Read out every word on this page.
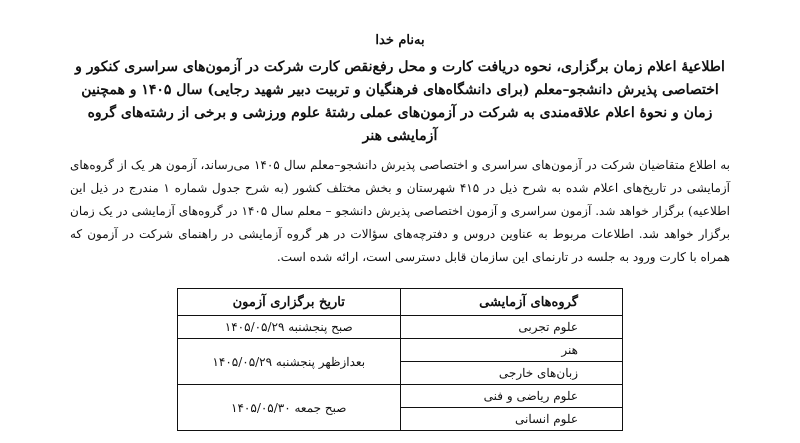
به‌نام خدا
اطلاعیهٔ اعلام زمان برگزاری، نحوه دریافت کارت و محل رفع‌نقص کارت شرکت در آزمون‌های سراسری کنکور و اختصاصی پذیرش دانشجو–معلم (برای دانشگاه‌های فرهنگیان و تربیت دبیر شهید رجایی) سال ۱۴۰۵ و همچنین زمان و نحوهٔ اعلام علاقه‌مندی به شرکت در آزمون‌های عملی رشتهٔ علوم ورزشی و برخی از رشته‌های گروه آزمایشی هنر
به اطلاع متقاضیان شرکت در آزمون‌های سراسری و اختصاصی پذیرش دانشجو–معلم سال ۱۴۰۵ می‌رساند، آزمون هر یک از گروه‌های آزمایشی در تاریخ‌های اعلام شده به شرح ذیل در ۴۱۵ شهرستان و بخش مختلف کشور (به شرح جدول شماره ۱ مندرج در ذیل این اطلاعیه) برگزار خواهد شد. آزمون سراسری و آزمون اختصاصی پذیرش دانشجو – معلم سال ۱۴۰۵ در گروه‌های آزمایشی در یک زمان برگزار خواهد شد. اطلاعات مربوط به عناوین دروس و دفترچه‌های سؤالات در هر گروه آزمایشی در راهنمای شرکت در آزمون که همراه با کارت ورود به جلسه در تارنمای این سازمان قابل دسترسی است، ارائه شده است.
گروه‌های آزمایشی	تاریخ برگزاری آزمون

علوم تجربی	صبح پنجشنبه ۱۴۰۵/۰۵/۲۹

هنر	بعدازظهر پنجشنبه ۱۴۰۵/۰۵/۲۹

زبان‌های خارجی	

علوم ریاضی و فنی	صبح جمعه ۱۴۰۵/۰۵/۳۰

علوم انسانی	
